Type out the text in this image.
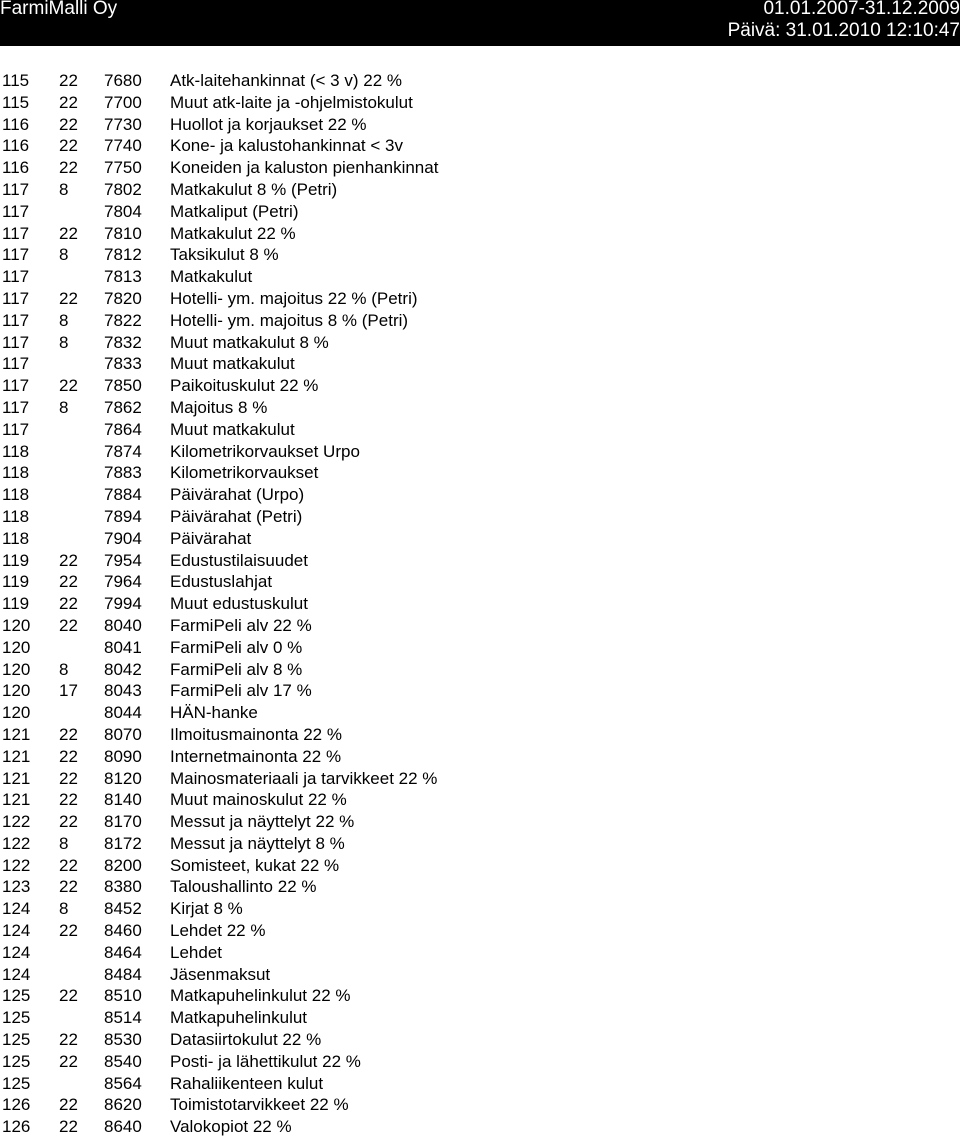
FarmiMalli Oy	01.01.2007-31.12.2009
Päivä: 31.01.2010 12:10:47
115 22 7680 Atk-laitehankinnat (< 3 v) 22 %
115 22 7700 Muut atk-laite ja -ohjelmistokulut
116 22 7730 Huollot ja korjaukset 22 %
116 22 7740 Kone- ja kalustohankinnat < 3v
116 22 7750 Koneiden ja kaluston pienhankinnat
117 8 7802 Matkakulut 8 % (Petri)
117	7804 Matkaliput (Petri)
117 22 7810 Matkakulut 22 %
117 8 7812 Taksikulut 8 %
117	7813 Matkakulut
117 22 7820 Hotelli- ym. majoitus 22 % (Petri)
117 8 7822 Hotelli- ym. majoitus 8 % (Petri)
117 8 7832 Muut matkakulut 8 %
117	7833 Muut matkakulut
117 22 7850 Paikoituskulut 22 %
117 8 7862 Majoitus 8 %
117	7864 Muut matkakulut
118	7874 Kilometrikorvaukset Urpo
118	7883 Kilometrikorvaukset
118	7884 Päivärahat (Urpo)
118	7894 Päivärahat (Petri)
118	7904 Päivärahat
119 22 7954 Edustustilaisuudet
119 22 7964 Edustuslahjat
119 22 7994 Muut edustuskulut
120 22 8040 FarmiPeli alv 22 %
120	8041 FarmiPeli alv 0 %
120 8 8042 FarmiPeli alv 8 %
120 17 8043 FarmiPeli alv 17 %
120	8044 HÄN-hanke
121 22 8070 Ilmoitusmainonta 22 %
121 22 8090 Internetmainonta 22 %
121 22 8120 Mainosmateriaali ja tarvikkeet 22 %
121 22 8140 Muut mainoskulut 22 %
122 22 8170 Messut ja näyttelyt 22 %
122 8 8172 Messut ja näyttelyt 8 %
122 22 8200 Somisteet, kukat 22 %
123 22 8380 Taloushallinto 22 %
124 8 8452 Kirjat 8 %
124 22 8460 Lehdet 22 %
124	8464 Lehdet
124	8484 Jäsenmaksut
125 22 8510 Matkapuhelinkulut 22 %
125	8514 Matkapuhelinkulut
125 22 8530 Datasiirtokulut 22 %
125 22 8540 Posti- ja lähettikulut 22 %
125	8564 Rahaliikenteen kulut
126 22 8620 Toimistotarvikkeet 22 %
126 22 8640 Valokopiot 22 %
